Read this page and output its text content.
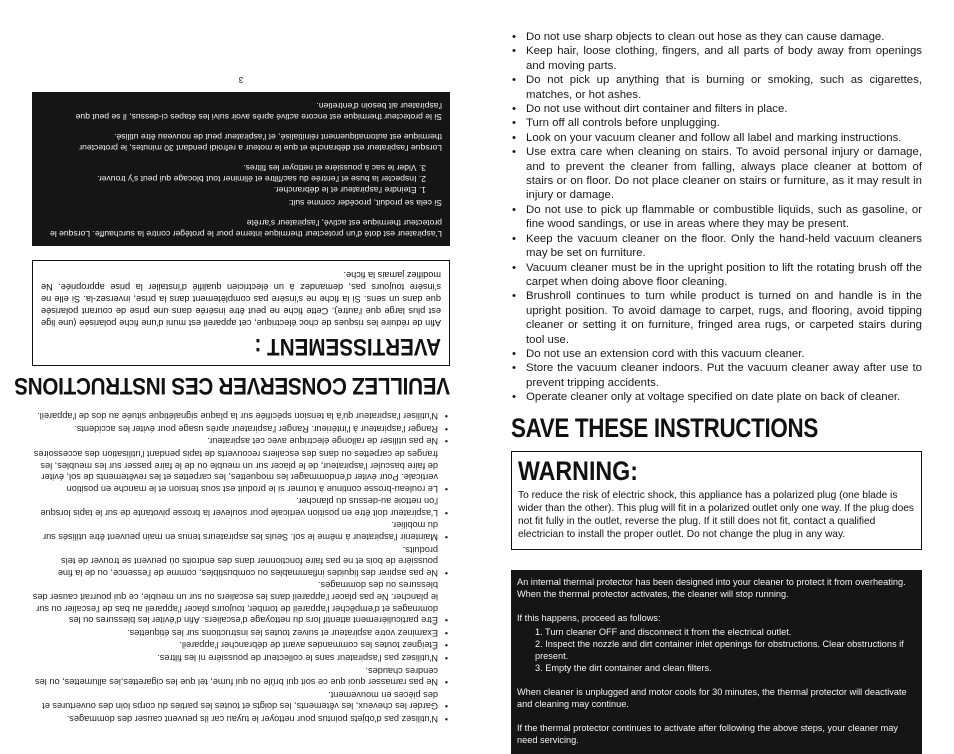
• N'utilisez pas d'objets pointus pour nettoyer le tuyau car ils peuvent causer des dommages.
• Garder les cheveux, les vêtements, les doigts et toutes les parties du corps loin des ouvertures et des pièces en mouvement.
• Ne pas ramasser quoi que ce soit qui brûle ou qui fume, tel que les cigarettes,les allumettes, ou les cendres chaudes.
• N'utilisez pas l'aspirateur sans le collecteur de poussière ni les filtres.
• Éteignez toutes les commandes avant de débrancher l'appareil.
• Examinez votre aspirateur et suivez toutes les instructions sur les étiquettes.
• Être particulièrement attentif lors du nettoyage d'escaliers. Afin d'éviter les blessures ou les dommages et d'empêcher l'appareil de tomber, toujours placer l'appareil au bas de l'escalier ou sur le plancher. Ne pas placer l'appareil dans les escaliers ou sur un meuble, ce qui pourrait causer des blessures ou des dommages.
• Ne pas aspirer des liquides inflammables ou combustibles, comme de l'essence, ou de la fine poussière de bois et ne pas faire fonctionner dans des endroits où peuvent se trouver de tels produits.
• Maintenir l'aspirateur à même le sol. Seuls les aspirateurs tenus en main peuvent être utilisés sur du mobilier.
• L'aspirateur doit être en position verticale pour soulever la brosse pivotante de sur le tapis lorsque l'on nettoie au-dessus du plancher.
• Le rouleau-brosse continue à tourner si le produit est sous tension et le manche en position verticale. Pour éviter d'endommager les moquettes, les carpettes et les revêtements de sol, éviter de faire basculer l'aspirateur, de le placer sur un meuble ou de le faire passer sur les meubles, les franges de carpettes ou dans des escaliers recouverts de tapis pendant l'utilisation des accessoires
• Ne pas utiliser de rallonge électrique avec cet aspirateur.
• Ranger l'aspirateur à l'intérieur. Ranger l'aspirateur après usage pour éviter les accidents.
• N'utiliser l'aspirateur qu'à la tension spécifiée sur la plaque signalétique située au dos de l'appareil.
VEUILLEZ CONSERVER CES INSTRUCTIONS
AVERTISSEMENT :

Afin de réduire les risques de choc électrique, cet appareil est muni d'une fiche polarisée (une lige est plus large que l'autre). Cette fiche ne peut être insérée dans une prise de courant polarisée que dans un sens. Si la fiche ne s'insère pas complètement dans la prise, inversez-la. Si elle ne s'insère toujours pas, demandez à un électricien qualifié d'installer la prise appropriée. Ne modifiez jamais la fiche.

L'aspirateur est doté d'un protecteur thermique interne pour le protéger contre la surchauffe. Lorsque le protecteur thermique est activé, l'aspirateur s'arrête

Si cela se produit, procéder comme suit:

1. Éteindre l'aspirateur et le débrancher.
2. Inspecter la buse et l'entrée du sac/filtre et éliminer tout blocage qui peut s'y trouver.
3. Vider le sac à poussière et nettoyer les filtres.

Lorsque l'aspirateur est débranché et que le moteur a refroidi pendant 30 minutes, le protecteur thermique est automatiquement réinitialisé, et l'aspirateur peut de nouveau être utilisé.

Si le protecteur thermique est encore activé après avoir suivi les étapes ci-dessus, il se peut que l'aspirateur ait besoin d'entretien.

3
• Do not use sharp objects to clean out hose as they can cause damage.
• Keep hair, loose clothing, fingers, and all parts of body away from openings and moving parts.
• Do not pick up anything that is burning or smoking, such as cigarettes, matches, or hot ashes.
• Do not use without dirt container and filters in place.
• Turn off all controls before unplugging.
• Look on your vacuum cleaner and follow all label and marking instructions.
• Use extra care when cleaning on stairs. To avoid personal injury or damage, and to prevent the cleaner from falling, always place cleaner at bottom of stairs or on floor. Do not place cleaner on stairs or furniture, as it may result in injury or damage.
• Do not use to pick up flammable or combustible liquids, such as gasoline, or fine wood sandings, or use in areas where they may be present.
• Keep the vacuum cleaner on the floor. Only the hand-held vacuum cleaners may be set on furniture.
• Vacuum cleaner must be in the upright position to lift the rotating brush off the carpet when doing above floor cleaning.
• Brushroll continues to turn while product is turned on and handle is in the upright position. To avoid damage to carpet, rugs, and flooring, avoid tipping cleaner or setting it on furniture, fringed area rugs, or carpeted stairs during tool use.
• Do not use an extension cord with this vacuum cleaner.
• Store the vacuum cleaner indoors. Put the vacuum cleaner away after use to prevent tripping accidents.
• Operate cleaner only at voltage specified on date plate on back of cleaner.
SAVE THESE INSTRUCTIONS
WARNING:

To reduce the risk of electric shock, this appliance has a polarized plug (one blade is wider than the other). This plug will fit in a polarized outlet only one way. If the plug does not fit fully in the outlet, reverse the plug. If it still does not fit, contact a qualified electrician to install the proper outlet. Do not change the plug in any way.

An internal thermal protector has been designed into your cleaner to protect it from overheating. When the thermal protector activates, the cleaner will stop running.

If this happens, proceed as follows:

1. Turn cleaner OFF and disconnect it from the electrical outlet.
2. Inspect the nozzle and dirt container inlet openings for obstructions. Clear obstructions if present.
3. Empty the dirt container and clean filters.

When cleaner is unplugged and motor cools for 30 minutes, the thermal protector will deactivate and cleaning may continue.

If the thermal protector continues to activate after following the above steps, your cleaner may need servicing.

3
